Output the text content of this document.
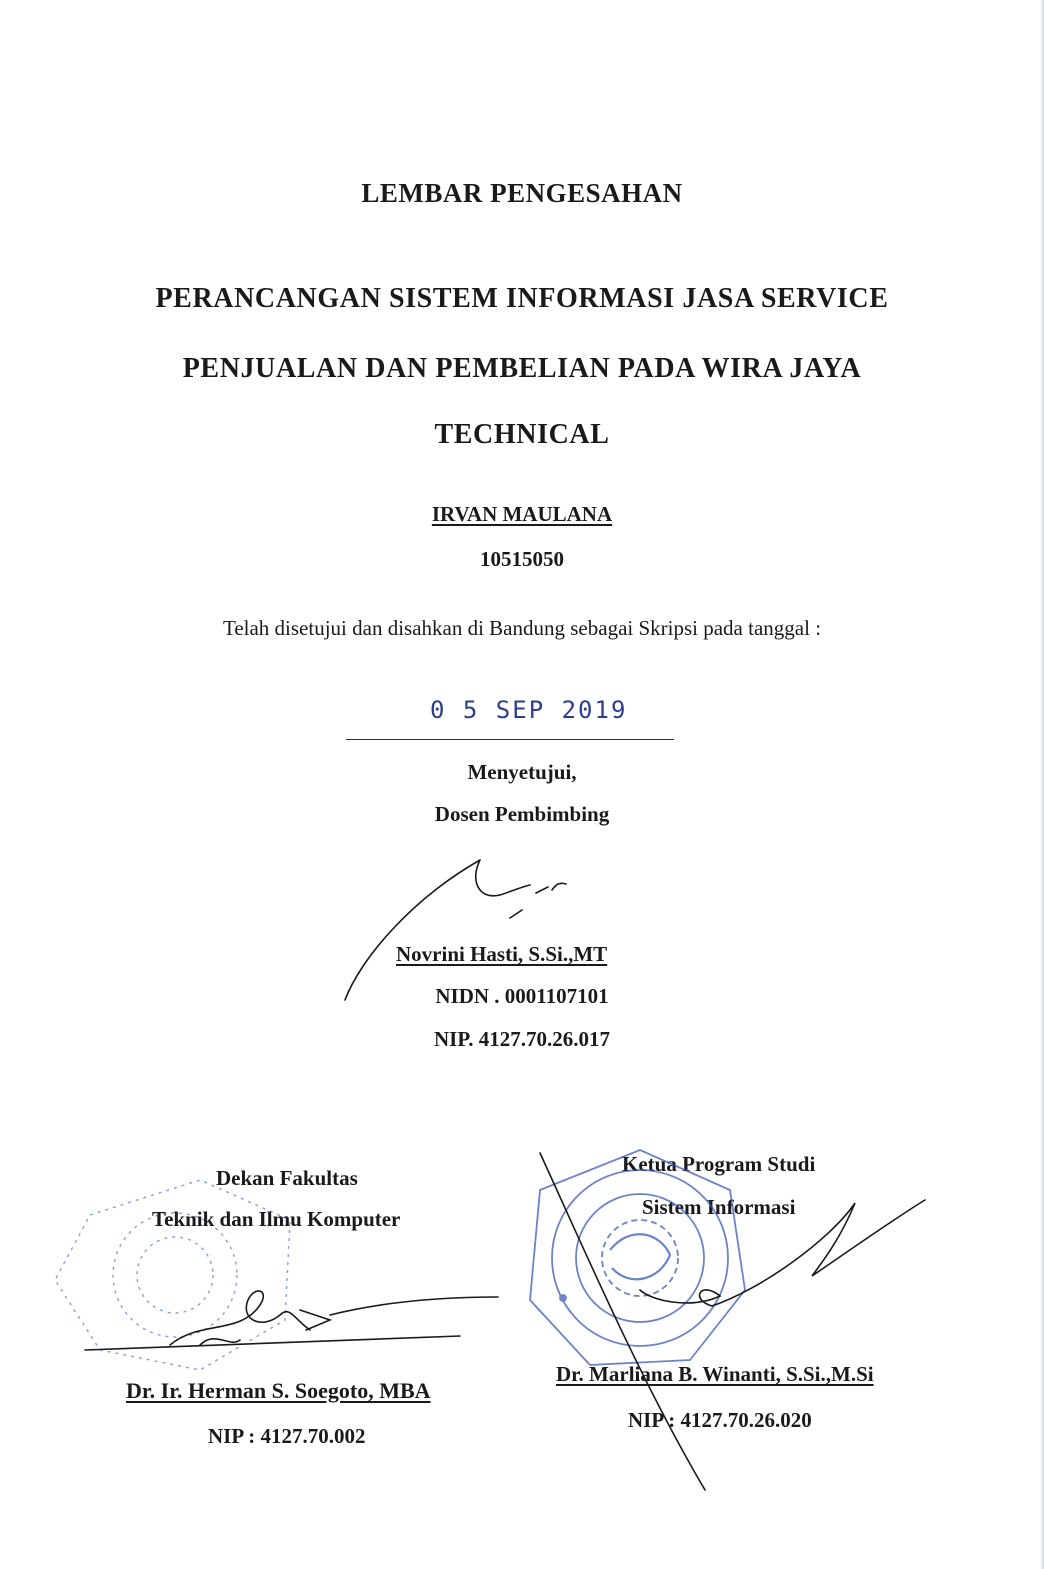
LEMBAR PENGESAHAN
PERANCANGAN SISTEM INFORMASI JASA SERVICE
PENJUALAN DAN PEMBELIAN PADA WIRA JAYA
TECHNICAL
IRVAN MAULANA
10515050
Telah disetujui dan disahkan di Bandung sebagai Skripsi pada tanggal :
0 5 SEP 2019
Menyetujui,
Dosen Pembimbing
Novrini Hasti, S.Si.,MT
NIDN . 0001107101
NIP. 4127.70.26.017
Dekan Fakultas
Teknik dan Ilmu Komputer
Dr. Ir. Herman S. Soegoto, MBA
NIP : 4127.70.002
Ketua Program Studi
Sistem Informasi
Dr. Marliana B. Winanti, S.Si.,M.Si
NIP : 4127.70.26.020
